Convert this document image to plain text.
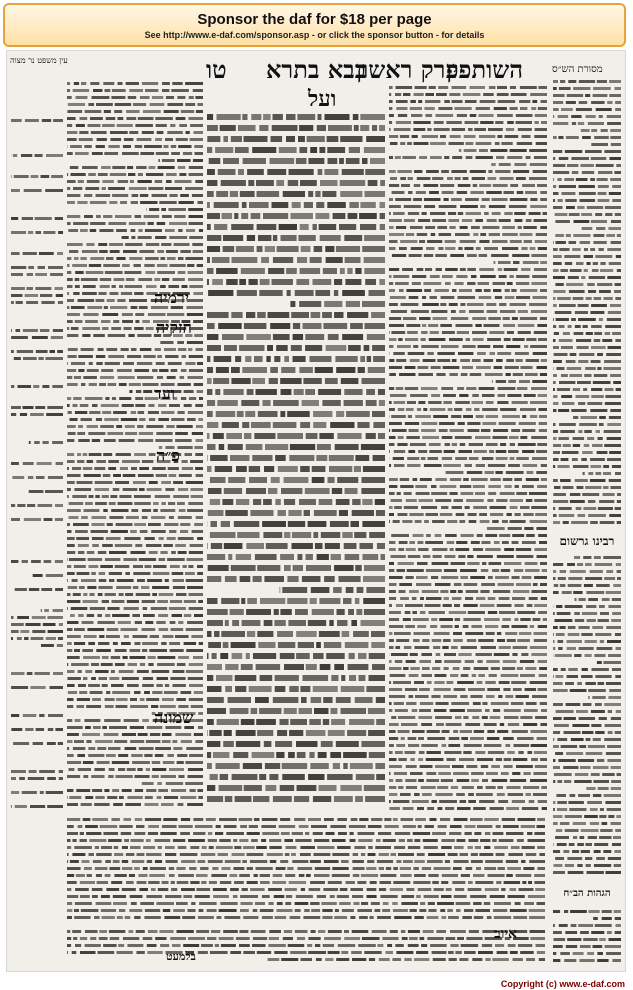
Sponsor the daf for $18 per page
See http://www.e-daf.com/sponsor.asp - or click the sponsor button - for details
טו בבא בתרא
פרק ראשון
השותפין	מסורת הש״ס
עין משפט נר מצוה
רבינו גרשום
הגהות הב״ח
ועל
ירמיה
חזקיה
ועד
פ״ה
שמונה
איוב
בלמעט
Copyright (c) www.e-daf.com
